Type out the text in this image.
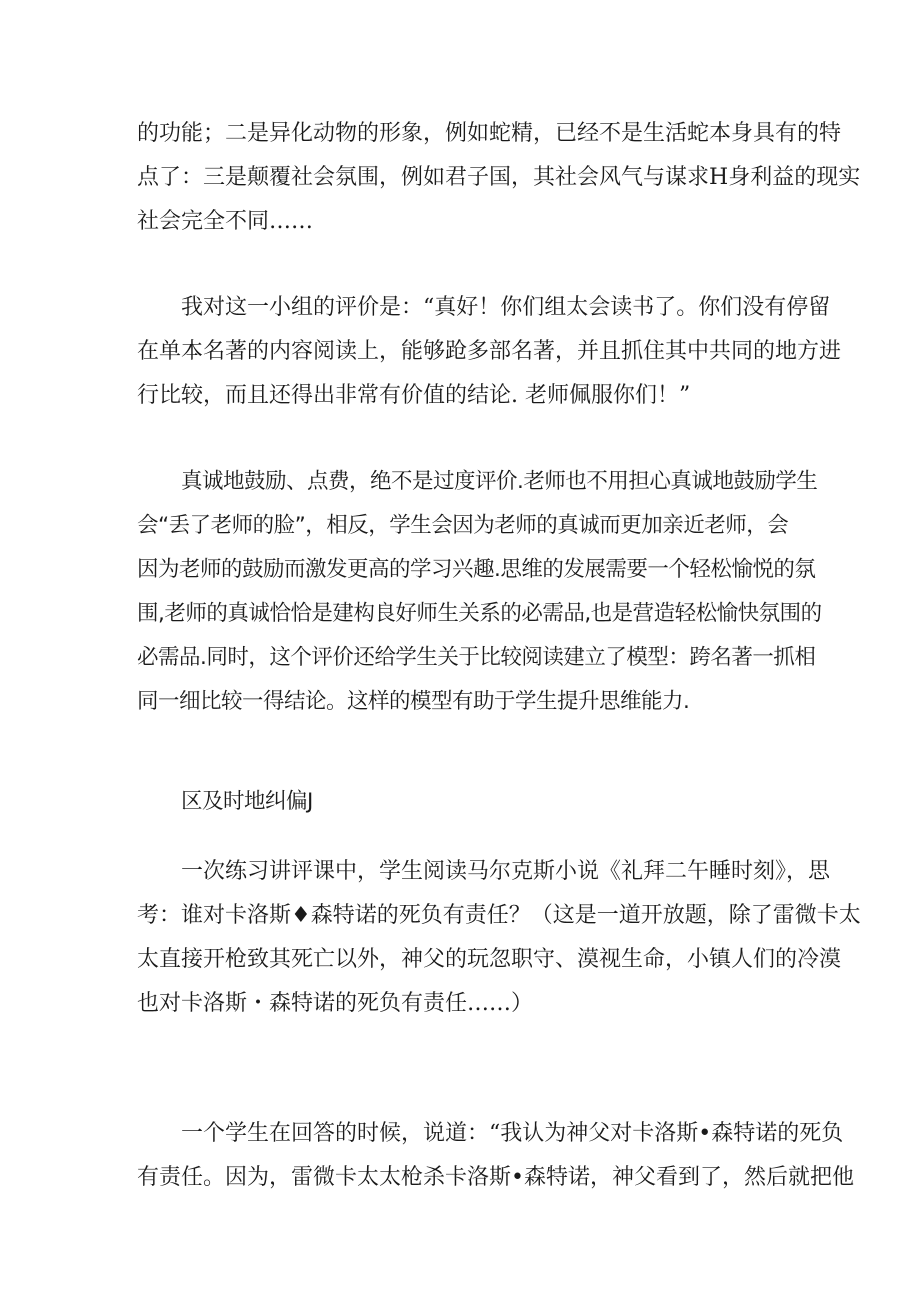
的功能；二是异化动物的形象，例如蛇精，已经不是生活蛇本身具有的特
点了：三是颠覆社会氛围，例如君子国，其社会风气与谋求H身利益的现实
社会完全不同……
我对这一小组的评价是：“真好！你们组太会读书了。你们没有停留
在单本名著的内容阅读上，能够跄多部名著，并且抓住其中共同的地方进
行比较，而且还得出非常有价值的结论. 老师佩服你们！”
真诚地鼓励、点费，绝不是过度评价.老师也不用担心真诚地鼓励学生
会“丢了老师的脸”，相反，学生会因为老师的真诚而更加亲近老师，会
因为老师的鼓励而激发更高的学习兴趣.思维的发展需要一个轻松愉悦的氛
围,老师的真诚恰恰是建构良好师生关系的必需品,也是营造轻松愉快氛围的
必需品.同时，这个评价还给学生关于比较阅读建立了模型：跨名著一抓相
同一细比较一得结论。这样的模型有助于学生提升思维能力.
区及时地纠偏J
一次练习讲评课中，学生阅读马尔克斯小说《礼拜二午睡时刻》，思
考：谁对卡洛斯♦森特诺的死负有责任？（这是一道开放题，除了雷微卡太
太直接开枪致其死亡以外，神父的玩忽职守、漠视生命，小镇人们的冷漠
也对卡洛斯・森特诺的死负有责任……）
一个学生在回答的时候，说道：“我认为神父对卡洛斯•森特诺的死负
有责任。因为，雷微卡太太枪杀卡洛斯•森特诺，神父看到了，然后就把他
